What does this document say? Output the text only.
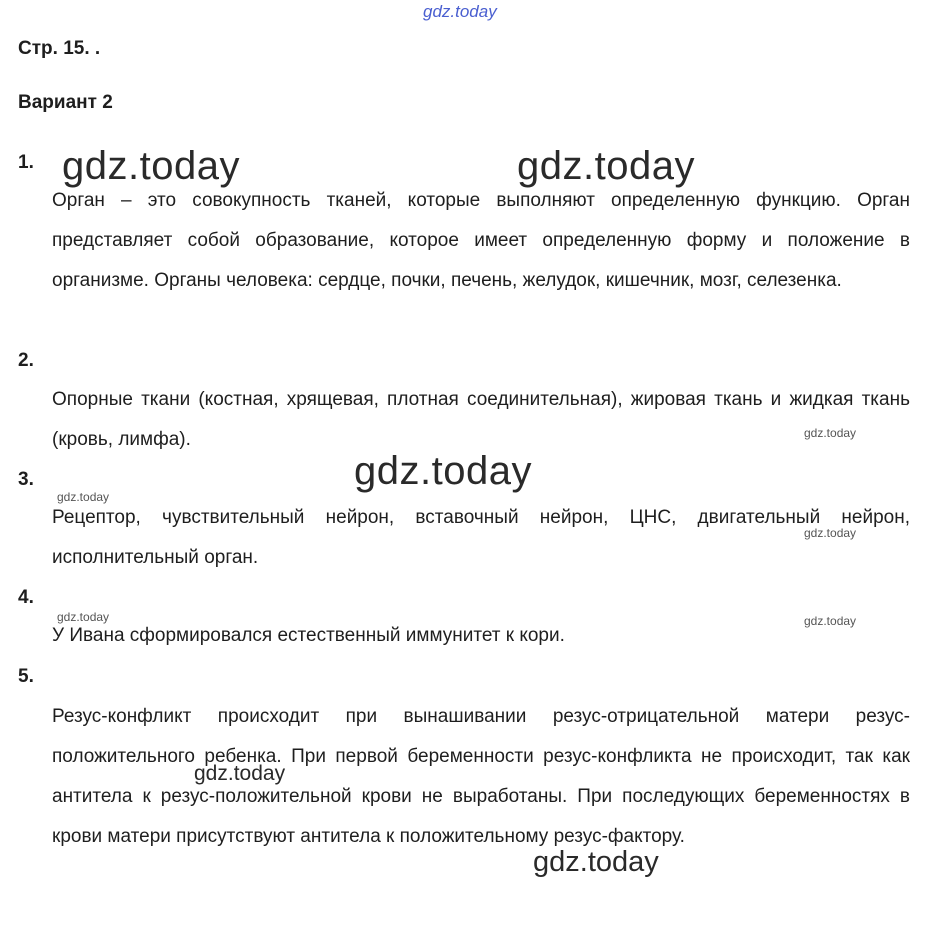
gdz.today
Стр. 15. .
Вариант 2
1.
Орган – это совокупность тканей, которые выполняют определенную функцию. Орган представляет собой образование, которое имеет определенную форму и положение в организме. Органы человека: сердце, почки, печень, желудок, кишечник, мозг, селезенка.
2.
Опорные ткани (костная, хрящевая, плотная соединительная), жировая ткань и жидкая ткань (кровь, лимфа).
3.
Рецептор, чувствительный нейрон, вставочный нейрон, ЦНС, двигательный нейрон, исполнительный орган.
4.
У Ивана сформировался естественный иммунитет к кори.
5.
Резус-конфликт происходит при вынашивании резус-отрицательной матери резус-положительного ребенка. При первой беременности резус-конфликта не происходит, так как антитела к резус-положительной крови не выработаны. При последующих беременностях в крови матери присутствуют антитела к положительному резус-фактору.
gdz.today	gdz.today
gdz.today
gdz.today
gdz.today
gdz.today
gdz.today
gdz.today
gdz.today	gdz.today
